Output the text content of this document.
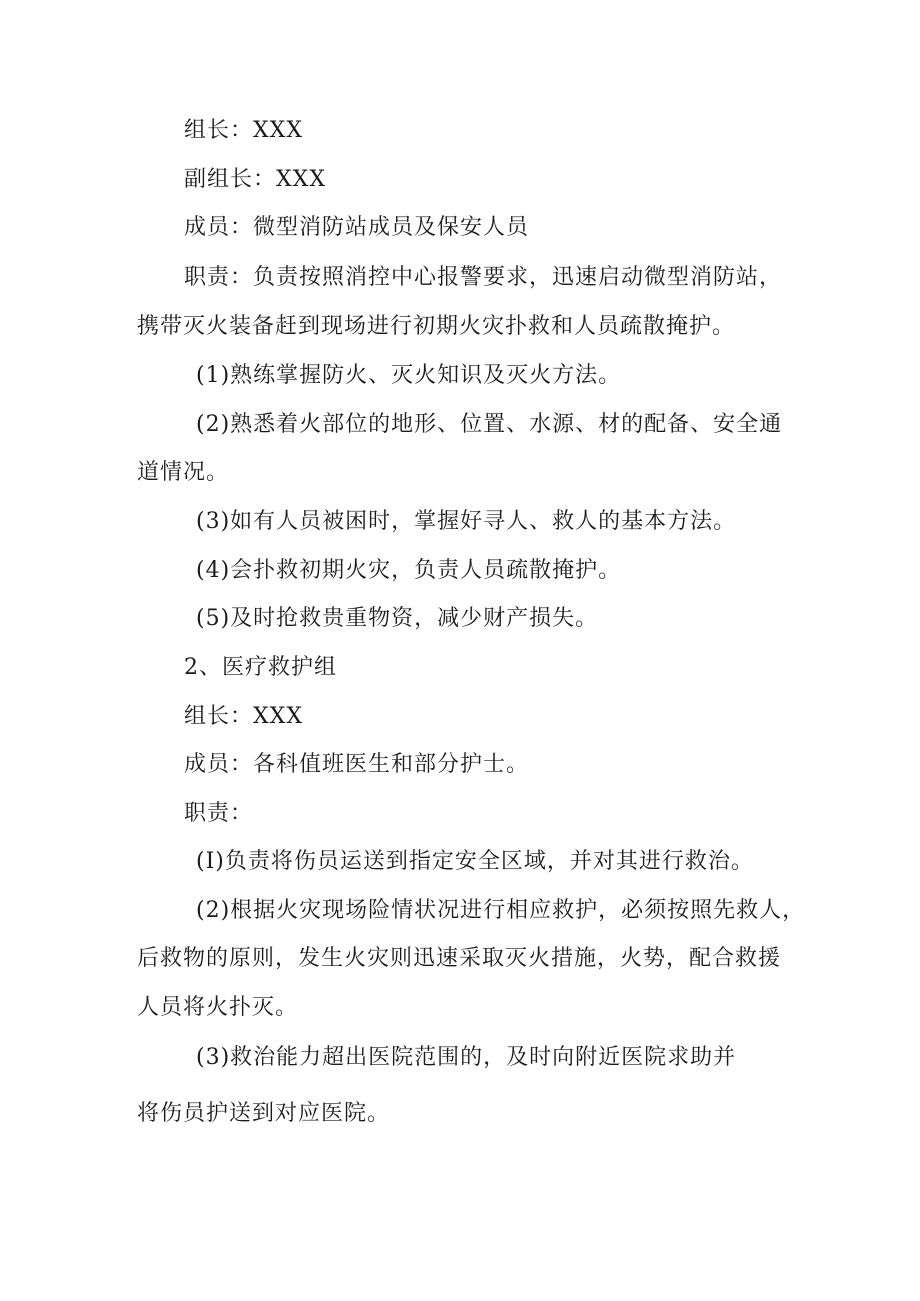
组长：XXX
副组长：XXX
成员：微型消防站成员及保安人员
职责：负责按照消控中心报警要求，迅速启动微型消防站，
携带灭火装备赶到现场进行初期火灾扑救和人员疏散掩护。
(1)熟练掌握防火、灭火知识及灭火方法。
(2)熟悉着火部位的地形、位置、水源、材的配备、安全通
道情况。
(3)如有人员被困时，掌握好寻人、救人的基本方法。
(4)会扑救初期火灾，负责人员疏散掩护。
(5)及时抢救贵重物资，减少财产损失。
2、医疗救护组
组长：XXX
成员：各科值班医生和部分护士。
职责：
(I)负责将伤员运送到指定安全区域，并对其进行救治。
(2)根据火灾现场险情状况进行相应救护，必须按照先救人，
后救物的原则，发生火灾则迅速采取灭火措施，火势，配合救援
人员将火扑灭。
(3)救治能力超出医院范围的，及时向附近医院求助并
将伤员护送到对应医院。
